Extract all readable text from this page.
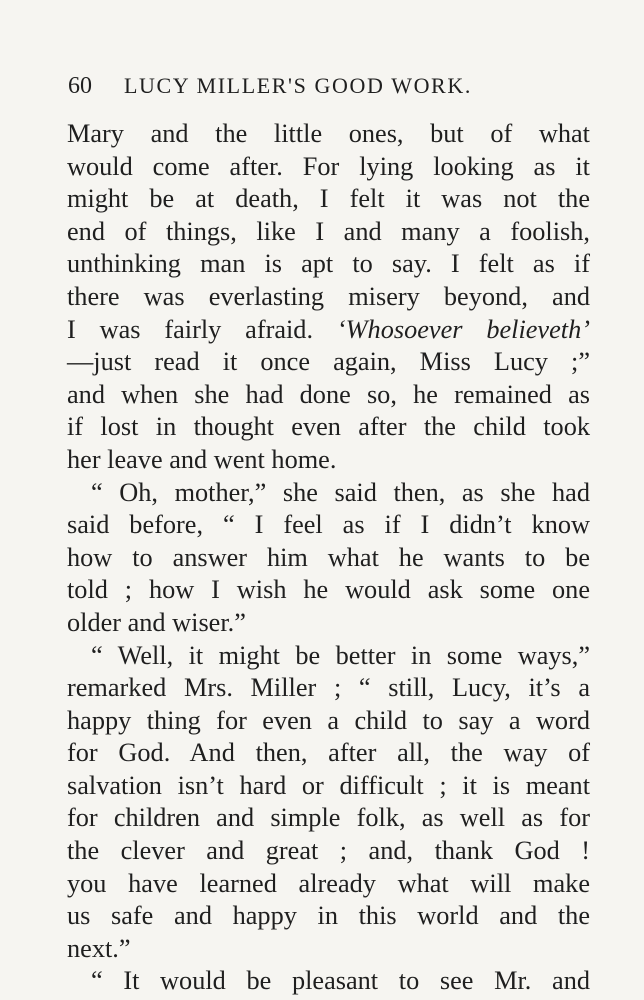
60 LUCY MILLER'S GOOD WORK.
Mary and the little ones, but of what
would come after. For lying looking as it
might be at death, I felt it was not the
end of things, like I and many a foolish,
unthinking man is apt to say. I felt as if
there was everlasting misery beyond, and
I was fairly afraid. ‘Whosoever believeth’
—just read it once again, Miss Lucy ;”
and when she had done so, he remained as
if lost in thought even after the child took
her leave and went home.
“ Oh, mother,” she said then, as she had
said before, “ I feel as if I didn’t know
how to answer him what he wants to be
told ; how I wish he would ask some one
older and wiser.”
“ Well, it might be better in some ways,”
remarked Mrs. Miller ; “ still, Lucy, it’s a
happy thing for even a child to say a word
for God. And then, after all, the way of
salvation isn’t hard or difficult ; it is meant
for children and simple folk, as well as for
the clever and great ; and, thank God !
you have learned already what will make
us safe and happy in this world and the
next.”
“ It would be pleasant to see Mr. and
